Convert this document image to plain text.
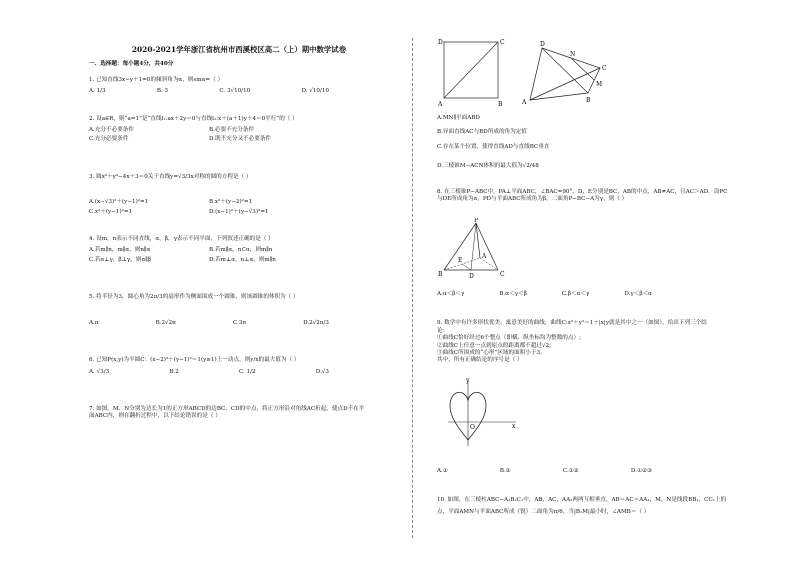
2020-2021学年浙江省杭州市西溪校区高二（上）期中数学试卷
一、选择题：每小题4分，共40分
1. 已知直线3x−y＋1=0的倾斜角为α，则sinα=（ ）
A. 1/3	B. 3	C. 3√10/10	D. √10/10
2. 设a∈R，则“a=1”是“直线l₁:ax＋2y＝0与直线l₂:x＋(a＋1)y＋4＝0平行”的（ ）
A.充分不必要条件	B.必要不充分条件
C.充分必要条件	D.既不充分又不必要条件
3. 圆x²＋y²−4x＋3＝0关于直线y=√3/3x对称的圆的方程是（ ）
A.(x−√3)²＋(y−1)²=1	B.x²＋(y−2)²=1
C.x²＋(y−1)²=1	D.(x−1)²＋(y−√3)²=1
4. 设m，n表示不同直线，α，β，γ表示不同平面，下列叙述正确的是（ ）
A.若m∥n，m∥α，则n∥α	B.若m∥α，n⊂α，则m∥n
C.若α⊥γ，β⊥γ，则α∥β	D.若m⊥α，n⊥α，则m∥n
5. 将半径为3，圆心角为2π/3的扇形作为侧面围成一个圆锥，则该圆锥的体积为（ ）
A.π	B.2√2π	C.3π	D.2√2π/3
6. 已知P(x,y)为半圆C：(x−2)²＋(y−1)²＝1(y≥1)上一动点，则y/x的最大值为（ ）
A. √3/3	B.2	C. 1/2	D.√3
7. 如图，M、N分别为边长为1的正方形ABCD的边BC、CD的中点，将正方形沿对角线AC折起，使点D不在平
面ABC内，则在翻折过程中，以下结论错误的是（ ）
D	C
A	B
D
N
C
M
A	B
A.MN∥平面ABD
B.异面直线AC与BD所成的角为定值
C.存在某个位置，使得直线AD与直线BC垂直
D.三棱锥M−ACN体积的最大值为√2/48
8. 在三棱锥P−ABC中，PA⊥平面ABC，∠BAC=90°，D，E分别是BC，AB的中点，AB≠AC，且AC＞AD．设PC
与DE所成角为α，PD与平面ABC所成角为β，二面角P−BC−A为γ，则（ ）
P
B	C
A
E
D
A.α＜β＜γ	B.α＜γ＜β	C.β＜α＜γ	D.γ＜β＜α
9. 数学中有许多形状优美、寓意美好的曲线，曲线C:x²＋y²＝1＋|x|y就是其中之一（如图），给出下列三个结
论：
①曲线C恰好经过6个整点（即横、纵坐标均为整数的点）;
②曲线C上任意一点到原点的距离都不超过√2;
③曲线C所围成的“心形”区域的面积小于3。
其中，所有正确结论的序号是（ ）
y
x
O
A.①	B.②	C.①②	D.①②③
10. 如图，在三棱柱ABC−A₁B₁C₁中，AB，AC，AA₁两两互相垂直，AB＝AC＝AA₁，M，N是线段BB₁，CC₁上的
点，平面AMN与平面ABC所成（锐）二面角为π/6，当|B₁M|最小时，∠AMB＝（ ）
